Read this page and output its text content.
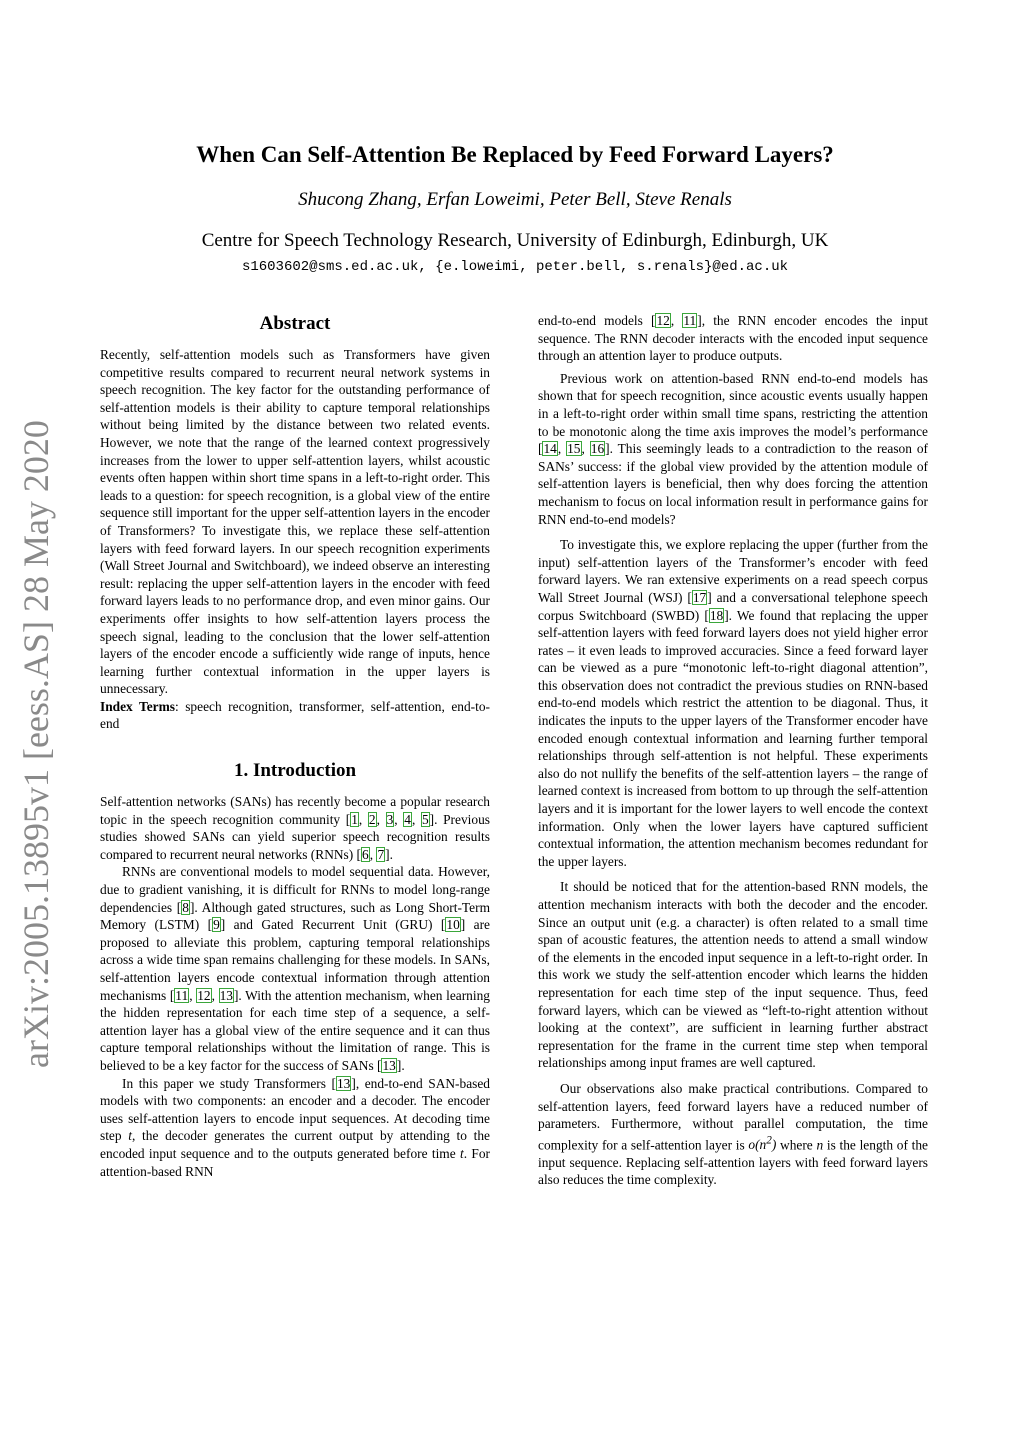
arXiv:2005.13895v1 [eess.AS] 28 May 2020
When Can Self-Attention Be Replaced by Feed Forward Layers?
Shucong Zhang, Erfan Loweimi, Peter Bell, Steve Renals
Centre for Speech Technology Research, University of Edinburgh, Edinburgh, UK
s1603602@sms.ed.ac.uk, {e.loweimi, peter.bell, s.renals}@ed.ac.uk
Abstract

Recently, self-attention models such as Transformers have given competitive results compared to recurrent neural network systems in speech recognition. The key factor for the outstanding performance of self-attention models is their ability to capture temporal relationships without being limited by the distance between two related events. However, we note that the range of the learned context progressively increases from the lower to upper self-attention layers, whilst acoustic events often happen within short time spans in a left-to-right order. This leads to a question: for speech recognition, is a global view of the entire sequence still important for the upper self-attention layers in the encoder of Transformers? To investigate this, we replace these self-attention layers with feed forward layers. In our speech recognition experiments (Wall Street Journal and Switchboard), we indeed observe an interesting result: replacing the upper self-attention layers in the encoder with feed forward layers leads to no performance drop, and even minor gains. Our experiments offer insights to how self-attention layers process the speech signal, leading to the conclusion that the lower self-attention layers of the encoder encode a sufficiently wide range of inputs, hence learning further contextual information in the upper layers is unnecessary.

Index Terms: speech recognition, transformer, self-attention, end-to-end

1. Introduction

Self-attention networks (SANs) has recently become a popular research topic in the speech recognition community [1, 2, 3, 4, 5]. Previous studies showed SANs can yield superior speech recognition results compared to recurrent neural networks (RNNs) [6, 7].

RNNs are conventional models to model sequential data. However, due to gradient vanishing, it is difficult for RNNs to model long-range dependencies [8]. Although gated structures, such as Long Short-Term Memory (LSTM) [9] and Gated Recurrent Unit (GRU) [10] are proposed to alleviate this problem, capturing temporal relationships across a wide time span remains challenging for these models. In SANs, self-attention layers encode contextual information through attention mechanisms [11, 12, 13]. With the attention mechanism, when learning the hidden representation for each time step of a sequence, a self-attention layer has a global view of the entire sequence and it can thus capture temporal relationships without the limitation of range. This is believed to be a key factor for the success of SANs [13].

In this paper we study Transformers [13], end-to-end SAN-based models with two components: an encoder and a decoder. The encoder uses self-attention layers to encode input sequences. At decoding time step t, the decoder generates the current output by attending to the encoded input sequence and to the outputs generated before time t. For attention-based RNN

end-to-end models [12, 11], the RNN encoder encodes the input sequence. The RNN decoder interacts with the encoded input sequence through an attention layer to produce outputs.

Previous work on attention-based RNN end-to-end models has shown that for speech recognition, since acoustic events usually happen in a left-to-right order within small time spans, restricting the attention to be monotonic along the time axis improves the model’s performance [14, 15, 16]. This seemingly leads to a contradiction to the reason of SANs’ success: if the global view provided by the attention module of self-attention layers is beneficial, then why does forcing the attention mechanism to focus on local information result in performance gains for RNN end-to-end models?

To investigate this, we explore replacing the upper (further from the input) self-attention layers of the Transformer’s encoder with feed forward layers. We ran extensive experiments on a read speech corpus Wall Street Journal (WSJ) [17] and a conversational telephone speech corpus Switchboard (SWBD) [18]. We found that replacing the upper self-attention layers with feed forward layers does not yield higher error rates – it even leads to improved accuracies. Since a feed forward layer can be viewed as a pure “monotonic left-to-right diagonal attention”, this observation does not contradict the previous studies on RNN-based end-to-end models which restrict the attention to be diagonal. Thus, it indicates the inputs to the upper layers of the Transformer encoder have encoded enough contextual information and learning further temporal relationships through self-attention is not helpful. These experiments also do not nullify the benefits of the self-attention layers – the range of learned context is increased from bottom to up through the self-attention layers and it is important for the lower layers to well encode the context information. Only when the lower layers have captured sufficient contextual information, the attention mechanism becomes redundant for the upper layers.

It should be noticed that for the attention-based RNN models, the attention mechanism interacts with both the decoder and the encoder. Since an output unit (e.g. a character) is often related to a small time span of acoustic features, the attention needs to attend a small window of the elements in the encoded input sequence in a left-to-right order. In this work we study the self-attention encoder which learns the hidden representation for each time step of the input sequence. Thus, feed forward layers, which can be viewed as “left-to-right attention without looking at the context”, are sufficient in learning further abstract representation for the frame in the current time step when temporal relationships among input frames are well captured.

Our observations also make practical contributions. Compared to self-attention layers, feed forward layers have a reduced number of parameters. Furthermore, without parallel computation, the time complexity for a self-attention layer is $o(n^2)$ where n is the length of the input sequence. Replacing self-attention layers with feed forward layers also reduces the time complexity.
